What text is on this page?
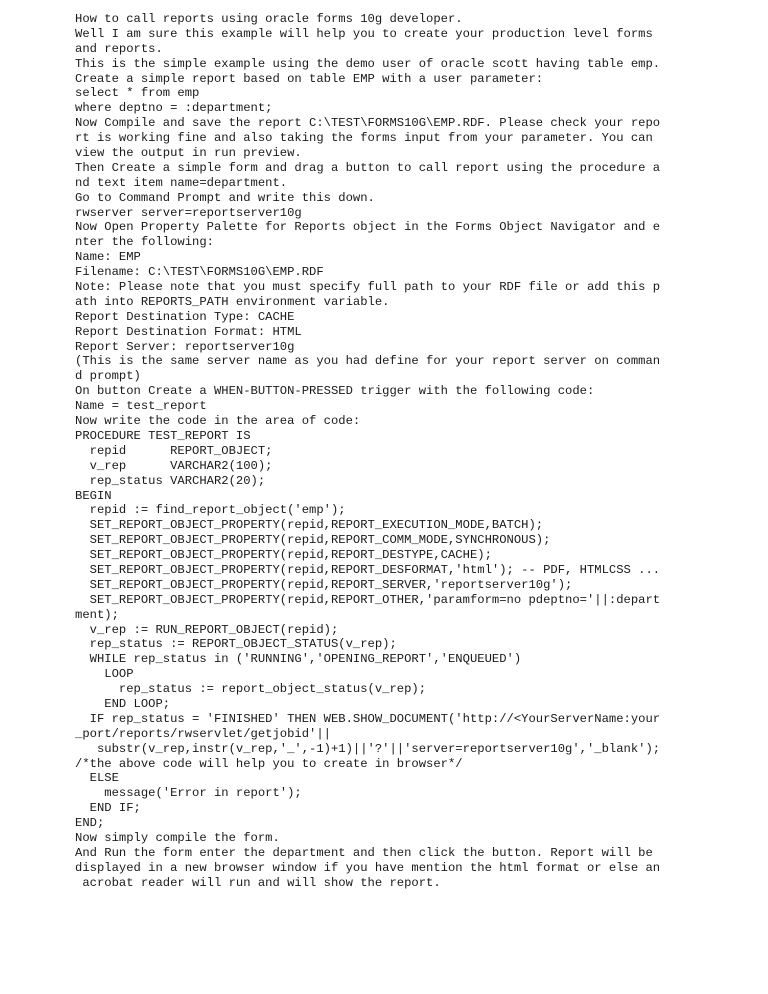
How to call reports using oracle forms 10g developer.
Well I am sure this example will help you to create your production level forms
and reports.
This is the simple example using the demo user of oracle scott having table emp.
Create a simple report based on table EMP with a user parameter:
select * from emp
where deptno = :department;
Now Compile and save the report C:\TEST\FORMS10G\EMP.RDF. Please check your repo
rt is working fine and also taking the forms input from your parameter. You can
view the output in run preview.
Then Create a simple form and drag a button to call report using the procedure a
nd text item name=department.
Go to Command Prompt and write this down.
rwserver server=reportserver10g
Now Open Property Palette for Reports object in the Forms Object Navigator and e
nter the following:
Name: EMP
Filename: C:\TEST\FORMS10G\EMP.RDF
Note: Please note that you must specify full path to your RDF file or add this p
ath into REPORTS_PATH environment variable.
Report Destination Type: CACHE
Report Destination Format: HTML
Report Server: reportserver10g
(This is the same server name as you had define for your report server on comman
d prompt)
On button Create a WHEN-BUTTON-PRESSED trigger with the following code:
Name = test_report
Now write the code in the area of code:
PROCEDURE TEST_REPORT IS
repid      REPORT_OBJECT;
v_rep      VARCHAR2(100);
rep_status VARCHAR2(20);
BEGIN
repid := find_report_object('emp');
SET_REPORT_OBJECT_PROPERTY(repid,REPORT_EXECUTION_MODE,BATCH);
SET_REPORT_OBJECT_PROPERTY(repid,REPORT_COMM_MODE,SYNCHRONOUS);
SET_REPORT_OBJECT_PROPERTY(repid,REPORT_DESTYPE,CACHE);
SET_REPORT_OBJECT_PROPERTY(repid,REPORT_DESFORMAT,'html'); -- PDF, HTMLCSS ...
SET_REPORT_OBJECT_PROPERTY(repid,REPORT_SERVER,'reportserver10g');
SET_REPORT_OBJECT_PROPERTY(repid,REPORT_OTHER,'paramform=no pdeptno='||:depart
ment);
v_rep := RUN_REPORT_OBJECT(repid);
rep_status := REPORT_OBJECT_STATUS(v_rep);
WHILE rep_status in ('RUNNING','OPENING_REPORT','ENQUEUED')
LOOP
rep_status := report_object_status(v_rep);
END LOOP;
IF rep_status = 'FINISHED' THEN WEB.SHOW_DOCUMENT('http://<YourServerName:your
_port/reports/rwservlet/getjobid'||
substr(v_rep,instr(v_rep,'_',-1)+1)||'?'||'server=reportserver10g','_blank');
/*the above code will help you to create in browser*/
ELSE
message('Error in report');
END IF;
END;
Now simply compile the form.
And Run the form enter the department and then click the button. Report will be
displayed in a new browser window if you have mention the html format or else an
acrobat reader will run and will show the report.
